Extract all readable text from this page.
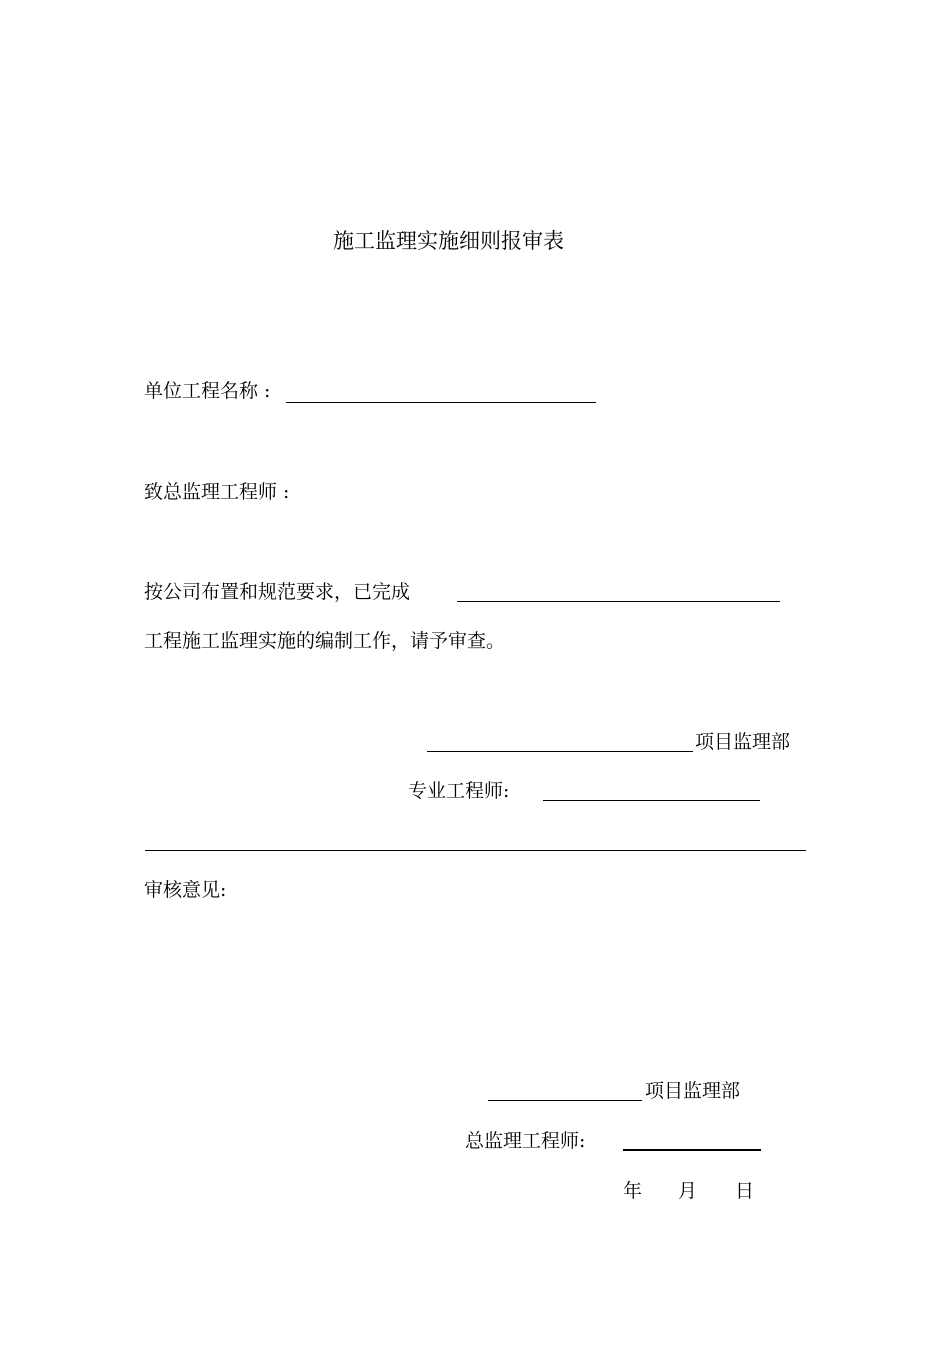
施工监理实施细则报审表
单位工程名称 :
致总监理工程师 :
按公司布置和规范要求，已完成
工程施工监理实施的编制工作，请予审查。
项目监理部
专业工程师:
审核意见:
项目监理部
总监理工程师:
年 月 日
